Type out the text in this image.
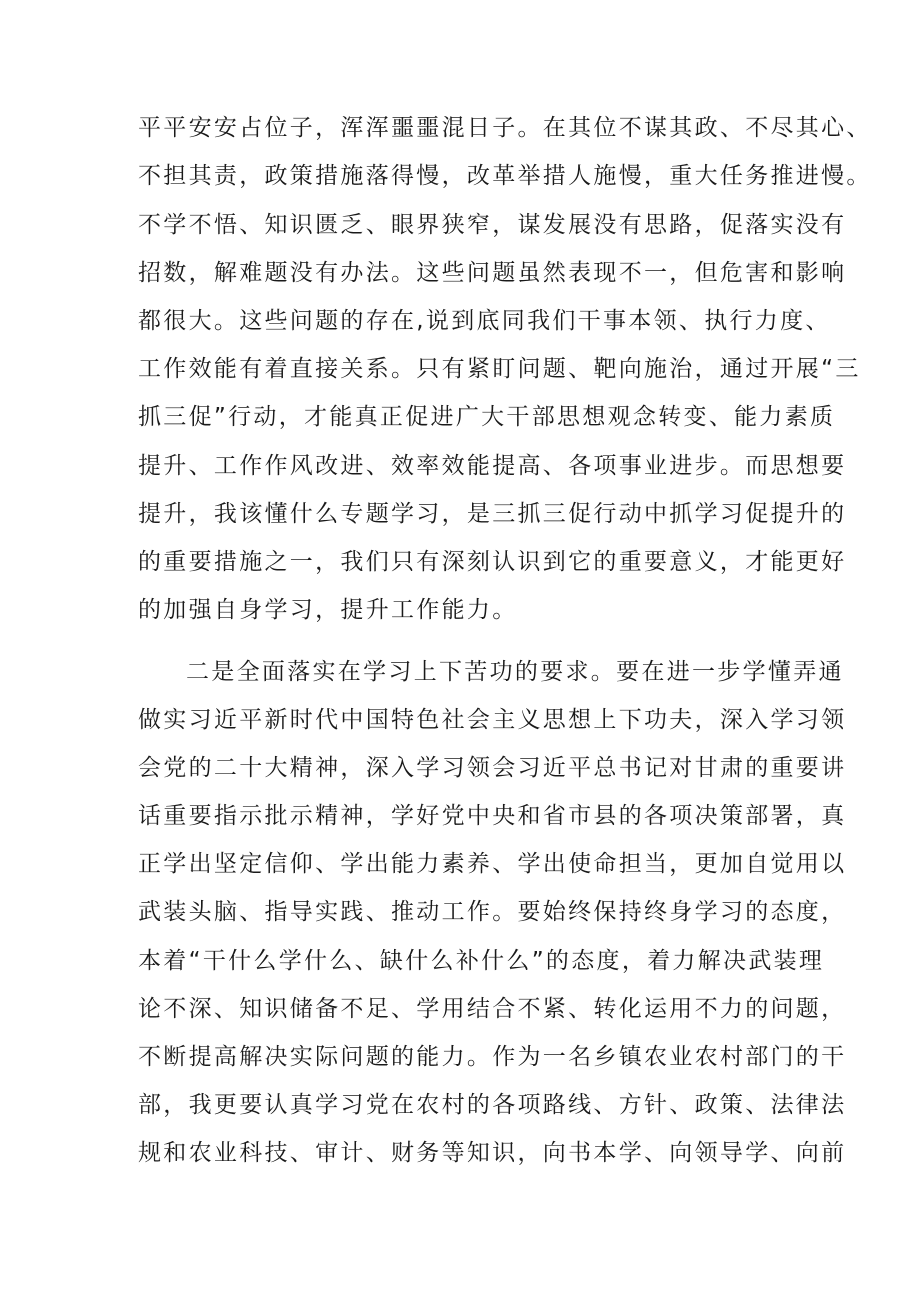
平平安安占位子，浑浑噩噩混日子。在其位不谋其政、不尽其心、
不担其责，政策措施落得慢，改革举措人施慢，重大任务推进慢。
不学不悟、知识匮乏、眼界狭窄，谋发展没有思路，促落实没有
招数，解难题没有办法。这些问题虽然表现不一，但危害和影响
都很大。这些问题的存在,说到底同我们干事本领、执行力度、
工作效能有着直接关系。只有紧盯问题、靶向施治，通过开展“三
抓三促”行动，才能真正促进广大干部思想观念转变、能力素质
提升、工作作风改进、效率效能提高、各项事业进步。而思想要
提升，我该懂什么专题学习，是三抓三促行动中抓学习促提升的
的重要措施之一，我们只有深刻认识到它的重要意义，才能更好
的加强自身学习，提升工作能力。
二是全面落实在学习上下苦功的要求。要在进一步学懂弄通
做实习近平新时代中国特色社会主义思想上下功夫，深入学习领
会党的二十大精神，深入学习领会习近平总书记对甘肃的重要讲
话重要指示批示精神，学好党中央和省市县的各项决策部署，真
正学出坚定信仰、学出能力素养、学出使命担当，更加自觉用以
武装头脑、指导实践、推动工作。要始终保持终身学习的态度，
本着“干什么学什么、缺什么补什么”的态度，着力解决武装理
论不深、知识储备不足、学用结合不紧、转化运用不力的问题，
不断提高解决实际问题的能力。作为一名乡镇农业农村部门的干
部，我更要认真学习党在农村的各项路线、方针、政策、法律法
规和农业科技、审计、财务等知识，向书本学、向领导学、向前
